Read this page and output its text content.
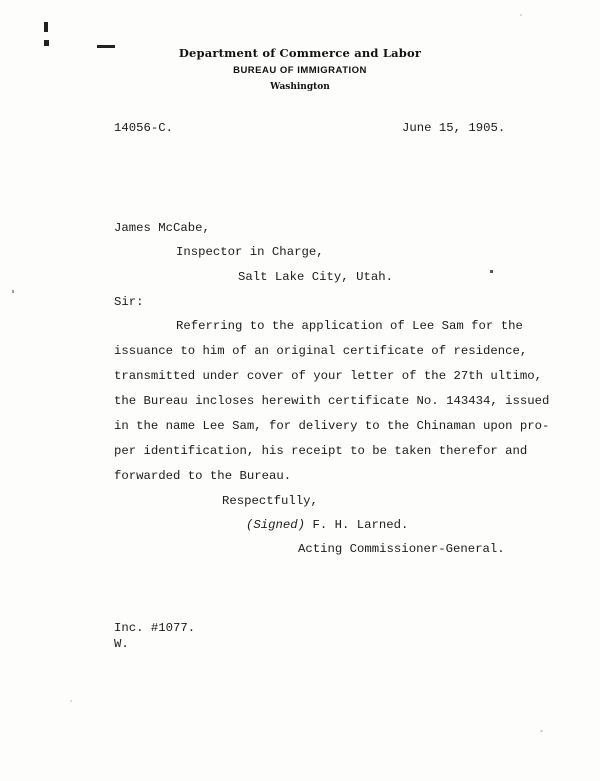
Department of Commerce and Labor
BUREAU OF IMMIGRATION
Washington
14056-C.	June 15, 1905.
James McCabe,
Inspector in Charge,
Salt Lake City, Utah.
Sir:
Referring to the application of Lee Sam for the
issuance to him of an original certificate of residence,
transmitted under cover of your letter of the 27th ultimo,
the Bureau incloses herewith certificate No. 143434, issued
in the name Lee Sam, for delivery to the Chinaman upon pro-
per identification, his receipt to be taken therefor and
forwarded to the Bureau.
Respectfully,
(Signed) F. H. Larned.
Acting Commissioner-General.
Inc. #1077.
W.
